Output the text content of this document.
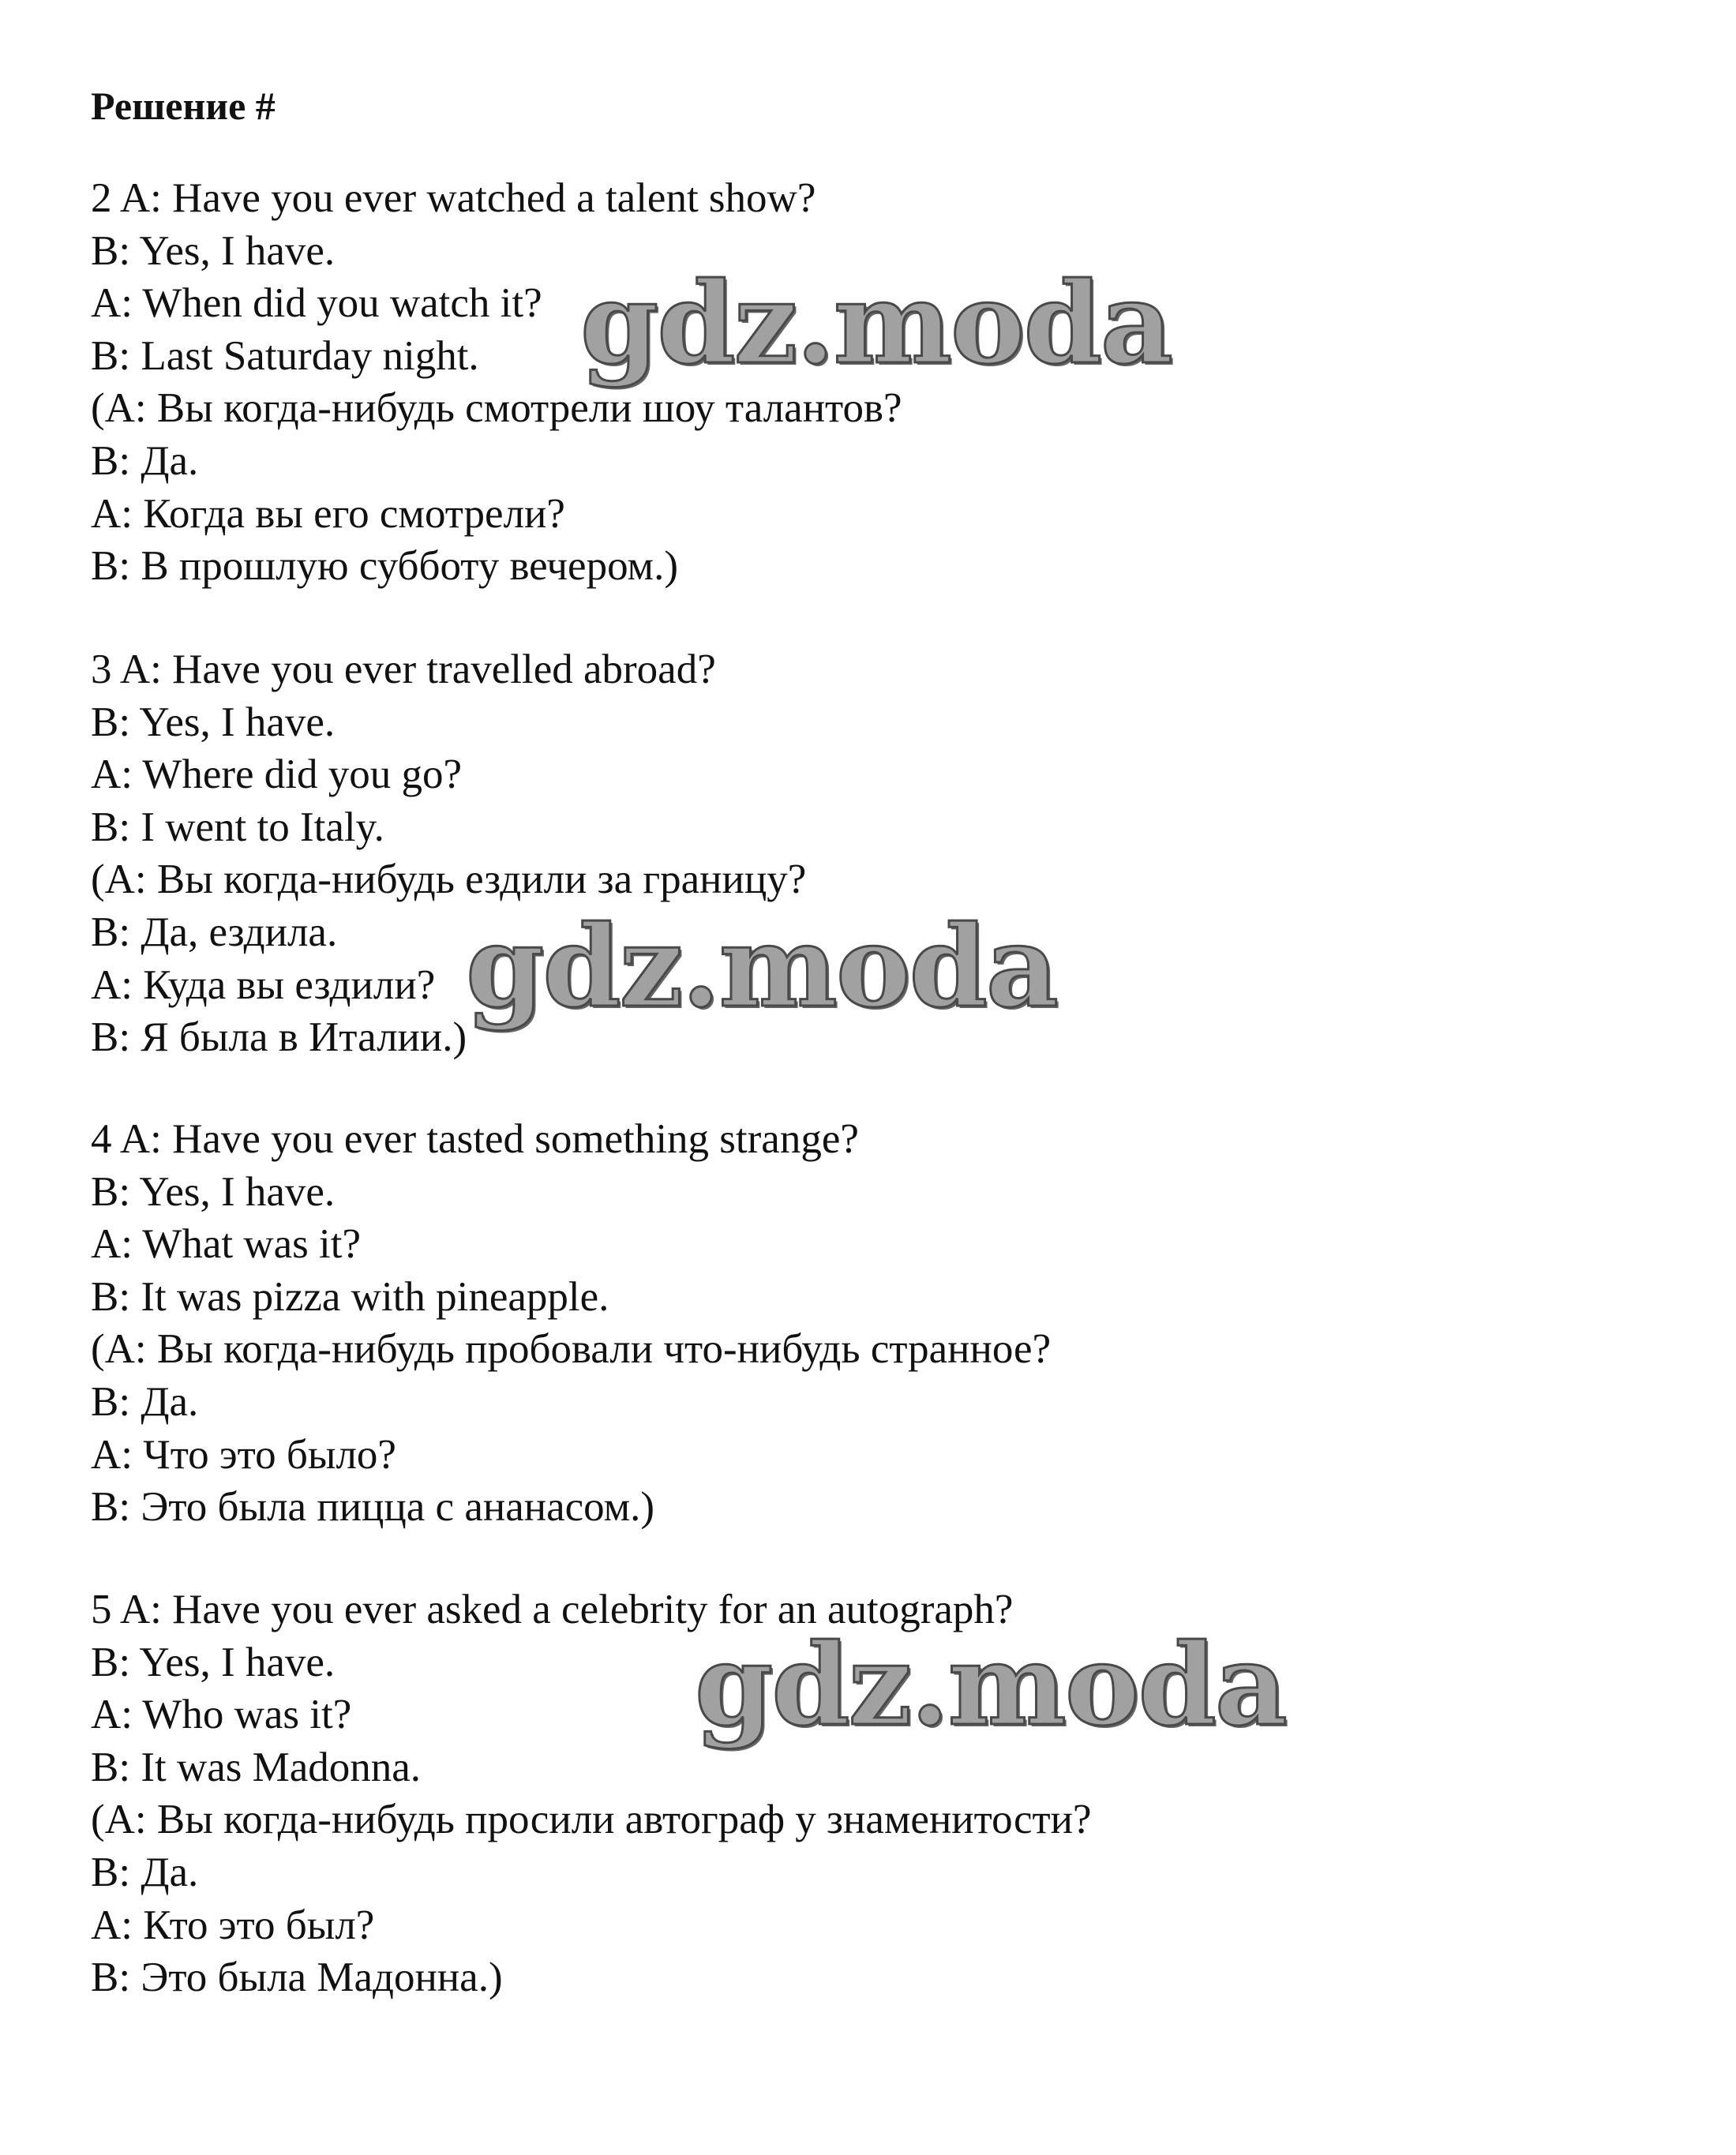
Решение #

2 A: Have you ever watched a talent show?

B: Yes, I have.

A: When did you watch it?

B: Last Saturday night.

(A: Вы когда-нибудь смотрели шоу талантов?

B: Да.

A: Когда вы его смотрели?

B: В прошлую субботу вечером.)

3 A: Have you ever travelled abroad?

B: Yes, I have.

A: Where did you go?

B: I went to Italy.

(A: Вы когда-нибудь ездили за границу?

B: Да, ездила.

A: Куда вы ездили?

B: Я была в Италии.)

4 A: Have you ever tasted something strange?

B: Yes, I have.

A: What was it?

B: It was pizza with pineapple.

(A: Вы когда-нибудь пробовали что-нибудь странное?

B: Да.

A: Что это было?

B: Это была пицца с ананасом.)

5 A: Have you ever asked a celebrity for an autograph?

B: Yes, I have.

A: Who was it?

B: It was Madonna.

(A: Вы когда-нибудь просили автограф у знаменитости?

B: Да.

A: Кто это был?

B: Это была Мадонна.)

gdz.moda
gdz.moda
gdz.moda
